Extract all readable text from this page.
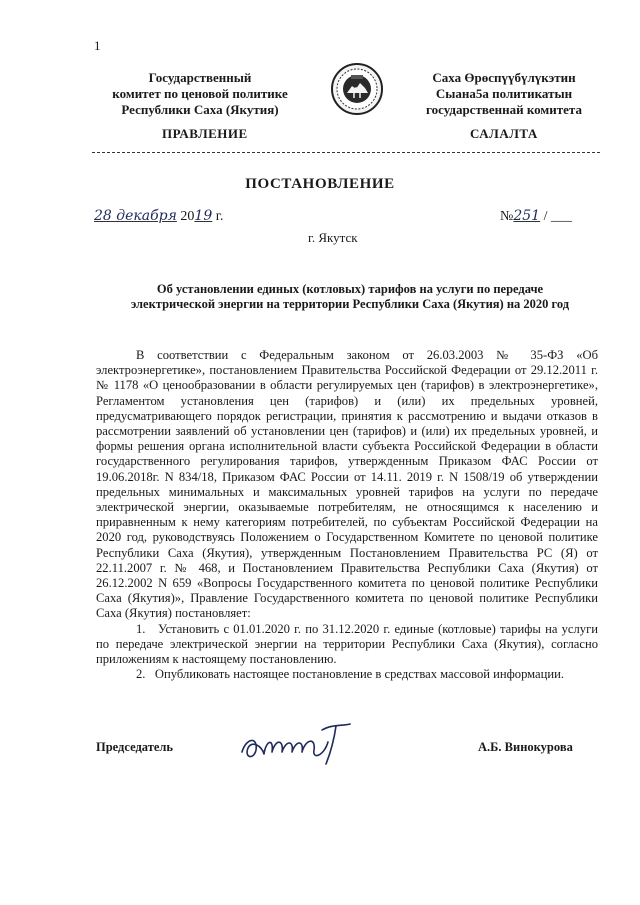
1
Государственный
комитет по ценовой политике
Республики Саха (Якутия)
Саха Өрөспүүбүлүкэтин
Сыана5а политикатын
государственнай комитета
ПРАВЛЕНИЕ	САЛАЛТА
ПОСТАНОВЛЕНИЕ
28 декабря 2019 г.	№251 / ___
г. Якутск
Об установлении единых (котловых) тарифов на услуги по передаче
электрической энергии на территории Республики Саха (Якутия) на 2020 год

В соответствии с Федеральным законом от 26.03.2003 № 35-ФЗ «Об электроэнергетике», постановлением Правительства Российской Федерации от 29.12.2011 г. № 1178 «О ценообразовании в области регулируемых цен (тарифов) в электроэнергетике», Регламентом установления цен (тарифов) и (или) их предельных уровней, предусматривающего порядок регистрации, принятия к рассмотрению и выдачи отказов в рассмотрении заявлений об установлении цен (тарифов) и (или) их предельных уровней, и формы решения органа исполнительной власти субъекта Российской Федерации в области государственного регулирования тарифов, утвержденным Приказом ФАС России от 19.06.2018г. N 834/18, Приказом ФАС России от 14.11. 2019 г. N 1508/19 об утверждении предельных минимальных и максимальных уровней тарифов на услуги по передаче электрической энергии, оказываемые потребителям, не относящимся к населению и приравненным к нему категориям потребителей, по субъектам Российской Федерации на 2020 год, руководствуясь Положением о Государственном Комитете по ценовой политике Республики Саха (Якутия), утвержденным Постановлением Правительства РС (Я) от 22.11.2007 г. № 468, и Постановлением Правительства Республики Саха (Якутия) от 26.12.2002 N 659 «Вопросы Государственного комитета по ценовой политике Республики Саха (Якутия)», Правление Государственного комитета по ценовой политике Республики Саха (Якутия) постановляет:

1.   Установить с 01.01.2020 г. по 31.12.2020 г. единые (котловые) тарифы на услуги по передаче электрической энергии на территории Республики Саха (Якутия), согласно приложениям к настоящему постановлению.

2.   Опубликовать настоящее постановление в средствах массовой информации.

Председатель	А.Б. Винокурова
